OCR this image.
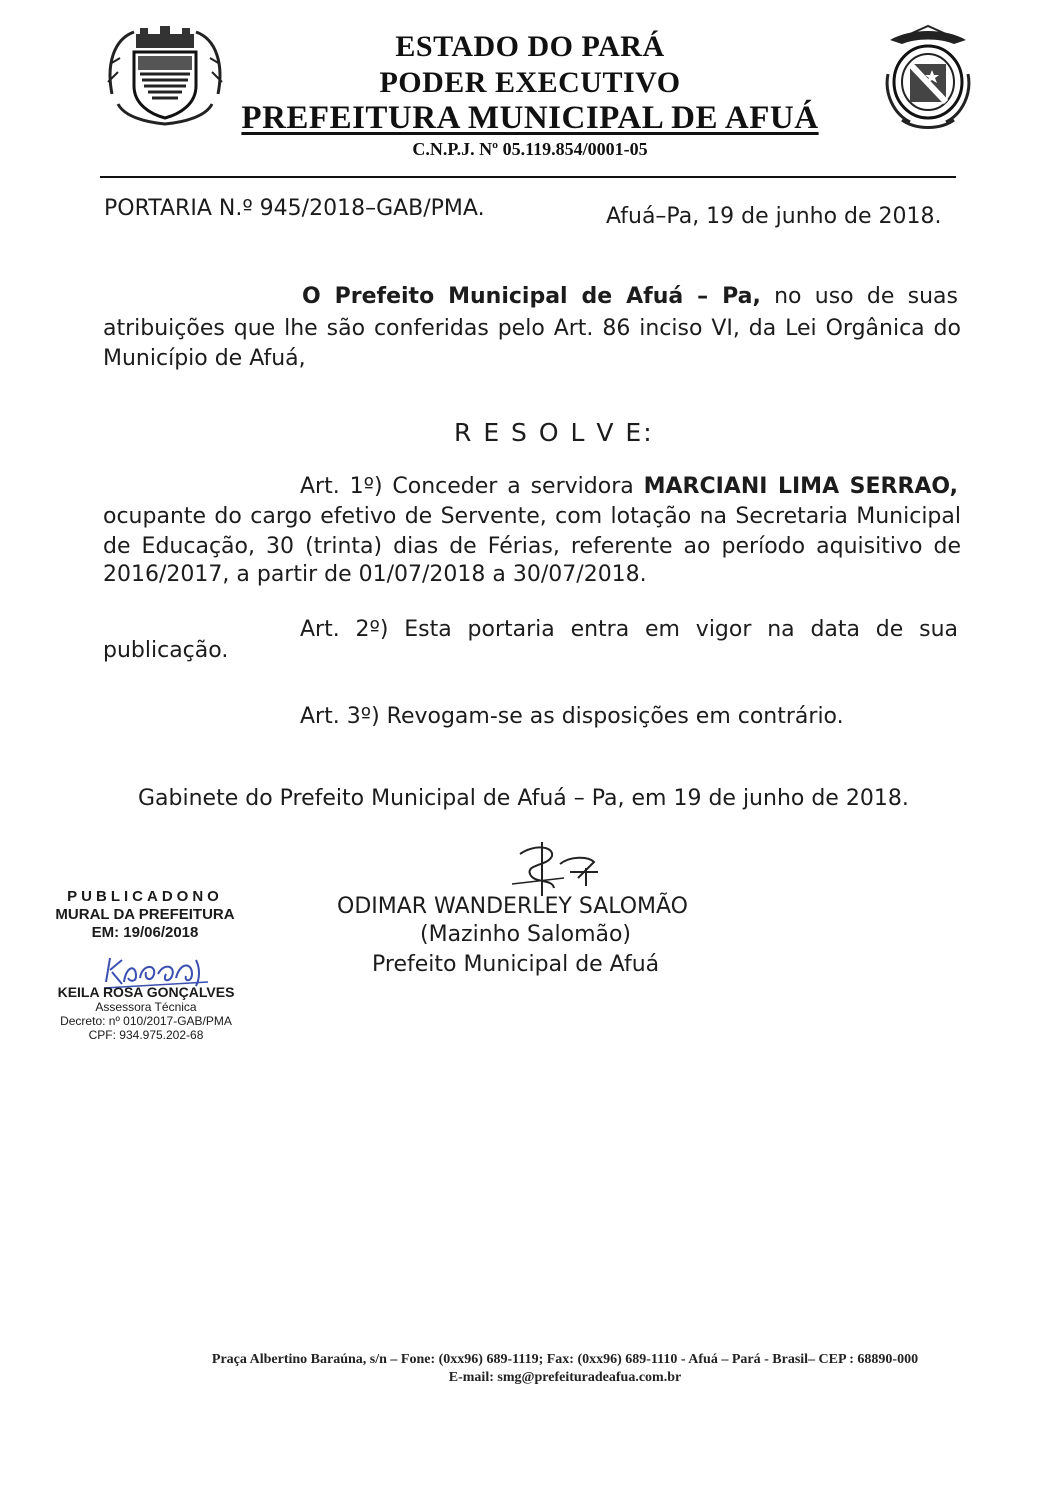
ESTADO DO PARÁ
PODER EXECUTIVO
PREFEITURA MUNICIPAL DE AFUÁ
C.N.P.J. Nº 05.119.854/0001-05
PORTARIA N.º 945/2018–GAB/PMA.	Afuá–Pa, 19 de junho de 2018.
O Prefeito Municipal de Afuá – Pa, no uso de suas
atribuições que lhe são conferidas pelo Art. 86 inciso VI, da Lei Orgânica do
Município de Afuá,
R E S O L V E:
Art. 1º) Conceder a servidora MARCIANI LIMA SERRAO,
ocupante do cargo efetivo de Servente, com lotação na Secretaria Municipal
de Educação, 30 (trinta) dias de Férias, referente ao período aquisitivo de
2016/2017, a partir de 01/07/2018 a 30/07/2018.
Art. 2º) Esta portaria entra em vigor na data de sua
publicação.
Art. 3º) Revogam-se as disposições em contrário.
Gabinete do Prefeito Municipal de Afuá – Pa, em 19 de junho de 2018.
ODIMAR WANDERLEY SALOMÃO
(Mazinho Salomão)
Prefeito Municipal de Afuá
PUBLICADONO
MURAL DA PREFEITURA
EM: 19/06/2018
KEILA ROSA GONÇALVES
Assessora Técnica
Decreto: nº 010/2017-GAB/PMA
CPF: 934.975.202-68
Praça Albertino Baraúna, s/n – Fone: (0xx96) 689-1119; Fax: (0xx96) 689-1110 - Afuá – Pará - Brasil– CEP : 68890-000
E-mail: smg@prefeituradeafua.com.br
